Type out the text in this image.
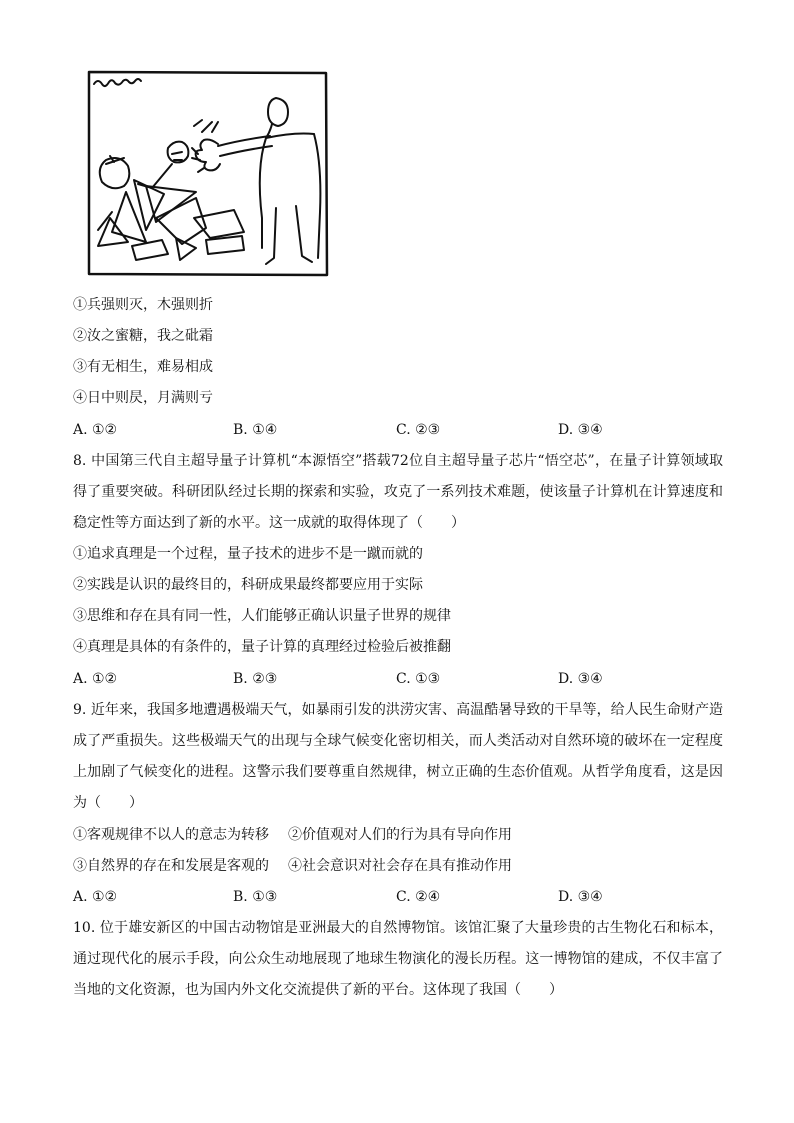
①兵强则灭，木强则折
②汝之蜜糖，我之砒霜
③有无相生，难易相成
④日中则昃，月满则亏
A. ①②	B. ①④	C. ②③	D. ③④
8. 中国第三代自主超导量子计算机“本源悟空”搭载72位自主超导量子芯片“悟空芯”，在量子计算领域取得了重要突破。科研团队经过长期的探索和实验，攻克了一系列技术难题，使该量子计算机在计算速度和稳定性等方面达到了新的水平。这一成就的取得体现了（　　）
①追求真理是一个过程，量子技术的进步不是一蹴而就的
②实践是认识的最终目的，科研成果最终都要应用于实际
③思维和存在具有同一性，人们能够正确认识量子世界的规律
④真理是具体的有条件的，量子计算的真理经过检验后被推翻
A. ①②	B. ②③	C. ①③	D. ③④
9. 近年来，我国多地遭遇极端天气，如暴雨引发的洪涝灾害、高温酷暑导致的干旱等，给人民生命财产造成了严重损失。这些极端天气的出现与全球气候变化密切相关，而人类活动对自然环境的破坏在一定程度上加剧了气候变化的进程。这警示我们要尊重自然规律，树立正确的生态价值观。从哲学角度看，这是因为（　　）
①客观规律不以人的意志为转移 ②价值观对人们的行为具有导向作用
③自然界的存在和发展是客观的 ④社会意识对社会存在具有推动作用
A. ①②	B. ①③	C. ②④	D. ③④
10. 位于雄安新区的中国古动物馆是亚洲最大的自然博物馆。该馆汇聚了大量珍贵的古生物化石和标本，通过现代化的展示手段，向公众生动地展现了地球生物演化的漫长历程。这一博物馆的建成，不仅丰富了当地的文化资源，也为国内外文化交流提供了新的平台。这体现了我国（　　）
